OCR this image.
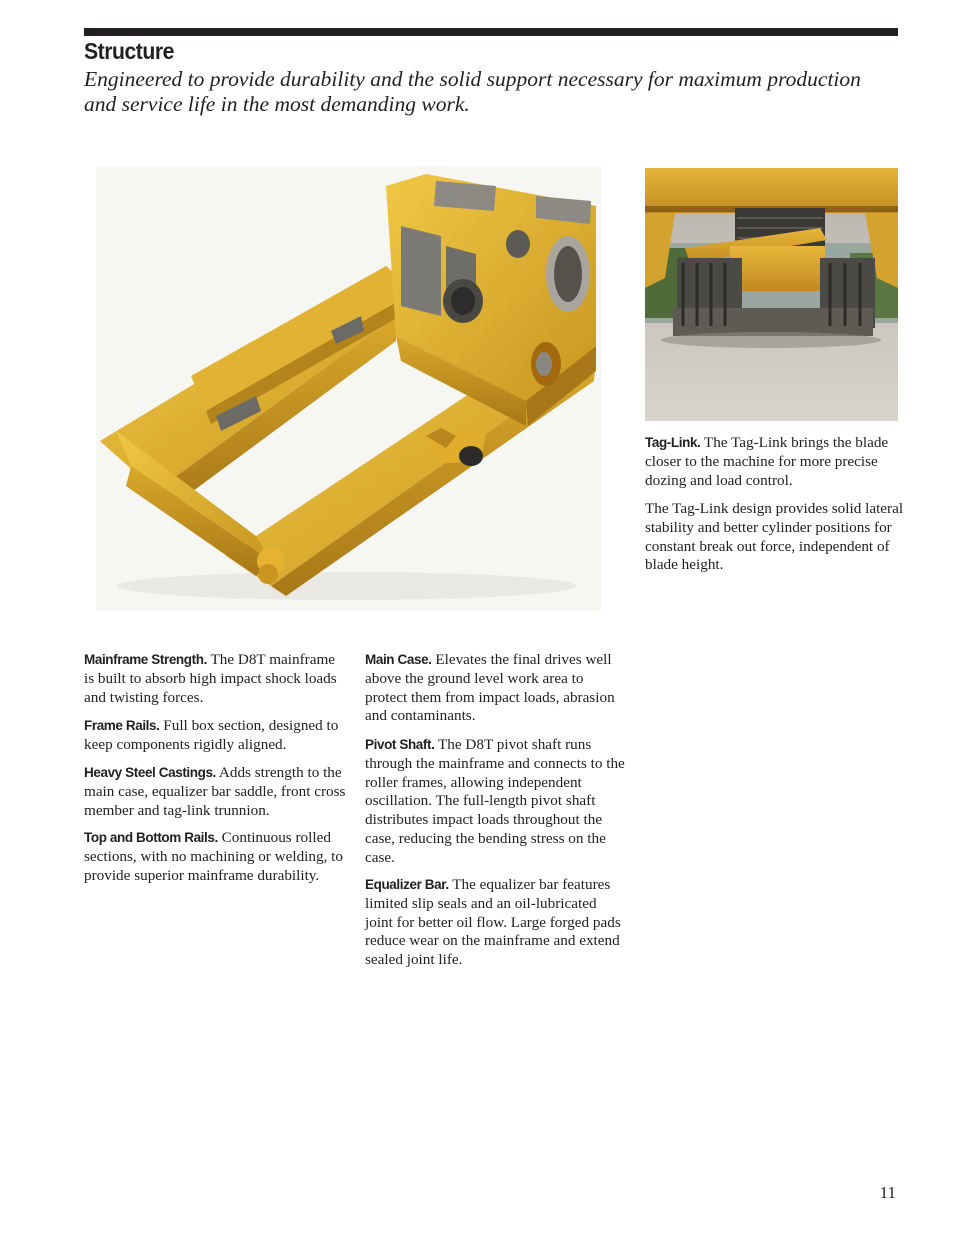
Structure

Engineered to provide durability and the solid support necessary for maximum production and service life in the most demanding work.

Tag-Link. The Tag-Link brings the blade closer to the machine for more precise dozing and load control.

The Tag-Link design provides solid lateral stability and better cylinder positions for constant break out force, independent of blade height.

Mainframe Strength. The D8T mainframe is built to absorb high impact shock loads and twisting forces.

Frame Rails. Full box section, designed to keep components rigidly aligned.

Heavy Steel Castings. Adds strength to the main case, equalizer bar saddle, front cross member and tag-link trunnion.

Top and Bottom Rails. Continuous rolled sections, with no machining or welding, to provide superior mainframe durability.

Main Case. Elevates the final drives well above the ground level work area to protect them from impact loads, abrasion and contaminants.

Pivot Shaft. The D8T pivot shaft runs through the mainframe and connects to the roller frames, allowing independent oscillation. The full-length pivot shaft distributes impact loads throughout the case, reducing the bending stress on the case.

Equalizer Bar. The equalizer bar features limited slip seals and an oil-lubricated joint for better oil flow. Large forged pads reduce wear on the mainframe and extend sealed joint life.

11
